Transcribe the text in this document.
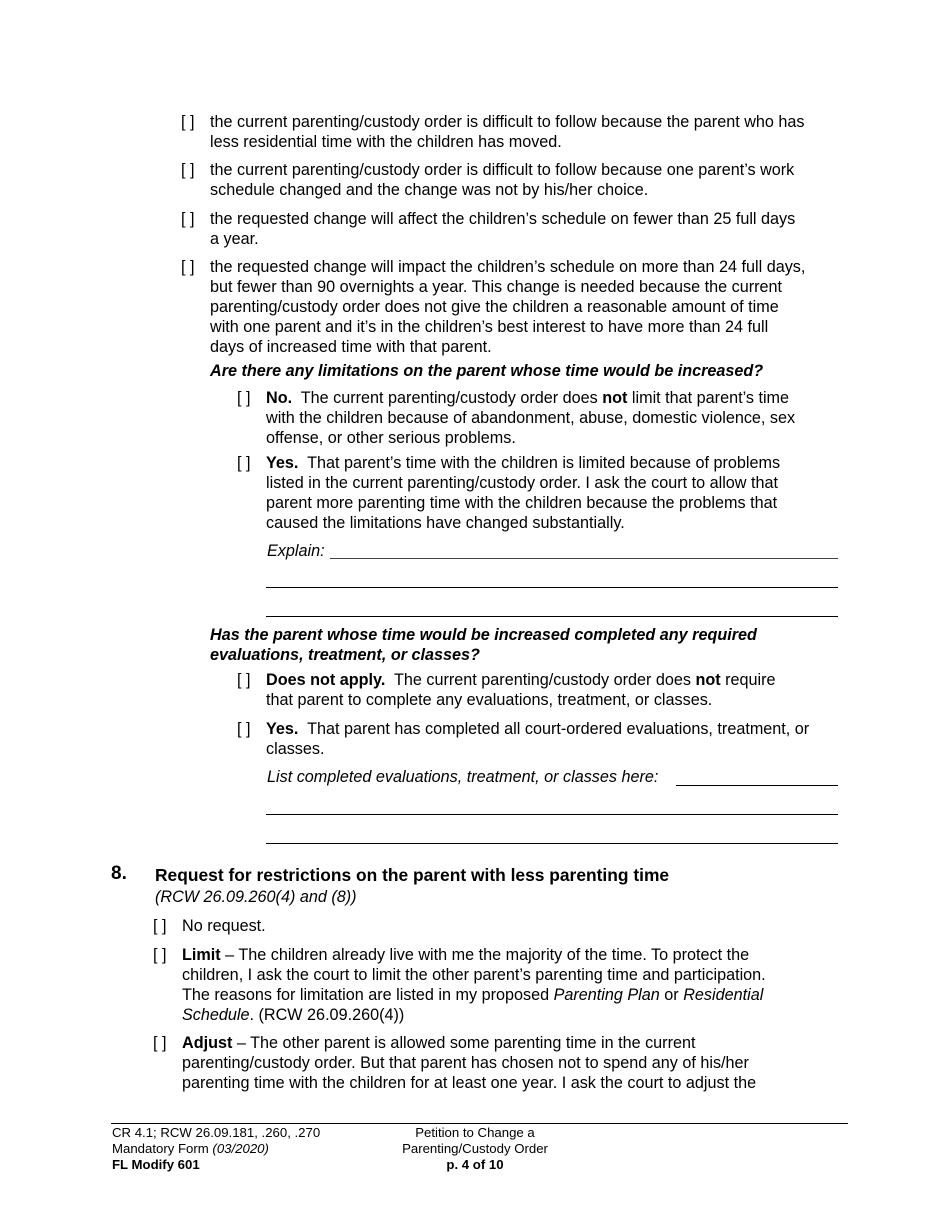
[ ] the current parenting/custody order is difficult to follow because the parent who has
less residential time with the children has moved.
[ ] the current parenting/custody order is difficult to follow because one parent’s work
schedule changed and the change was not by his/her choice.
[ ] the requested change will affect the children’s schedule on fewer than 25 full days
a year.
[ ] the requested change will impact the children’s schedule on more than 24 full days,
but fewer than 90 overnights a year. This change is needed because the current
parenting/custody order does not give the children a reasonable amount of time
with one parent and it’s in the children’s best interest to have more than 24 full
days of increased time with that parent.
Are there any limitations on the parent whose time would be increased?
[ ] No. The current parenting/custody order does not limit that parent’s time
with the children because of abandonment, abuse, domestic violence, sex
offense, or other serious problems.
[ ] Yes. That parent’s time with the children is limited because of problems
listed in the current parenting/custody order. I ask the court to allow that
parent more parenting time with the children because the problems that
caused the limitations have changed substantially.
Explain:
Has the parent whose time would be increased completed any required
evaluations, treatment, or classes?
[ ] Does not apply. The current parenting/custody order does not require
that parent to complete any evaluations, treatment, or classes.
[ ] Yes. That parent has completed all court-ordered evaluations, treatment, or
classes.
List completed evaluations, treatment, or classes here:
8. Request for restrictions on the parent with less parenting time
(RCW 26.09.260(4) and (8))
[ ] No request.
[ ] Limit – The children already live with me the majority of the time. To protect the
children, I ask the court to limit the other parent’s parenting time and participation.
The reasons for limitation are listed in my proposed Parenting Plan or Residential
Schedule. (RCW 26.09.260(4))
[ ] Adjust – The other parent is allowed some parenting time in the current
parenting/custody order. But that parent has chosen not to spend any of his/her
parenting time with the children for at least one year. I ask the court to adjust the
CR 4.1; RCW 26.09.181, .260, .270
Mandatory Form (03/2020)
FL Modify 601
Petition to Change a
Parenting/Custody Order
p. 4 of 10
